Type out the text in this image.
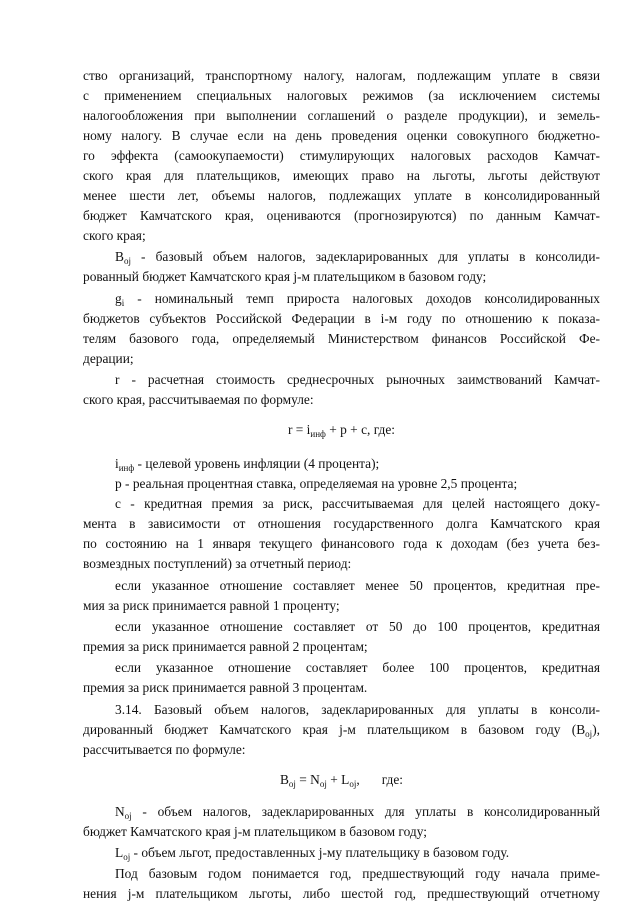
ство организаций, транспортному налогу, налогам, подлежащим уплате в связи
с применением специальных налоговых режимов (за исключением системы
налогообложения при выполнении соглашений о разделе продукции), и земель-
ному налогу. В случае если на день проведения оценки совокупного бюджетно-
го эффекта (самоокупаемости) стимулирующих налоговых расходов Камчат-
ского края для плательщиков, имеющих право на льготы, льготы действуют
менее шести лет, объемы налогов, подлежащих уплате в консолидированный
бюджет Камчатского края, оцениваются (прогнозируются) по данным Камчат-
ского края;
$B_{oj}$ - базовый объем налогов, задекларированных для уплаты в консолиди-
рованный бюджет Камчатского края j-м плательщиком в базовом году;
$g_i$ - номинальный темп прироста налоговых доходов консолидированных
бюджетов субъектов Российской Федерации в i-м году по отношению к показа-
телям базового года, определяемый Министерством финансов Российской Фе-
дерации;
r - расчетная стоимость среднесрочных рыночных заимствований Камчат-
ского края, рассчитываемая по формуле:
$r = i_{инф} + p + c$, где:
$i_{инф}$ - целевой уровень инфляции (4 процента);
p - реальная процентная ставка, определяемая на уровне 2,5 процента;
c - кредитная премия за риск, рассчитываемая для целей настоящего доку-
мента в зависимости от отношения государственного долга Камчатского края
по состоянию на 1 января текущего финансового года к доходам (без учета без-
возмездных поступлений) за отчетный период:
если указанное отношение составляет менее 50 процентов, кредитная пре-
мия за риск принимается равной 1 проценту;
если указанное отношение составляет от 50 до 100 процентов, кредитная
премия за риск принимается равной 2 процентам;
если указанное отношение составляет более 100 процентов, кредитная
премия за риск принимается равной 3 процентам.
3.14. Базовый объем налогов, задекларированных для уплаты в консоли-
дированный бюджет Камчатского края j-м плательщиком в базовом году $(B_{oj})$,
рассчитывается по формуле:
$B_{oj} = N_{oj} + L_{oj}$, где:
$N_{oj}$ - объем налогов, задекларированных для уплаты в консолидированный
бюджет Камчатского края j-м плательщиком в базовом году;
$L_{oj}$ - объем льгот, предоставленных j-му плательщику в базовом году.
Под базовым годом понимается год, предшествующий году начала приме-
нения j-м плательщиком льготы, либо шестой год, предшествующий отчетному
